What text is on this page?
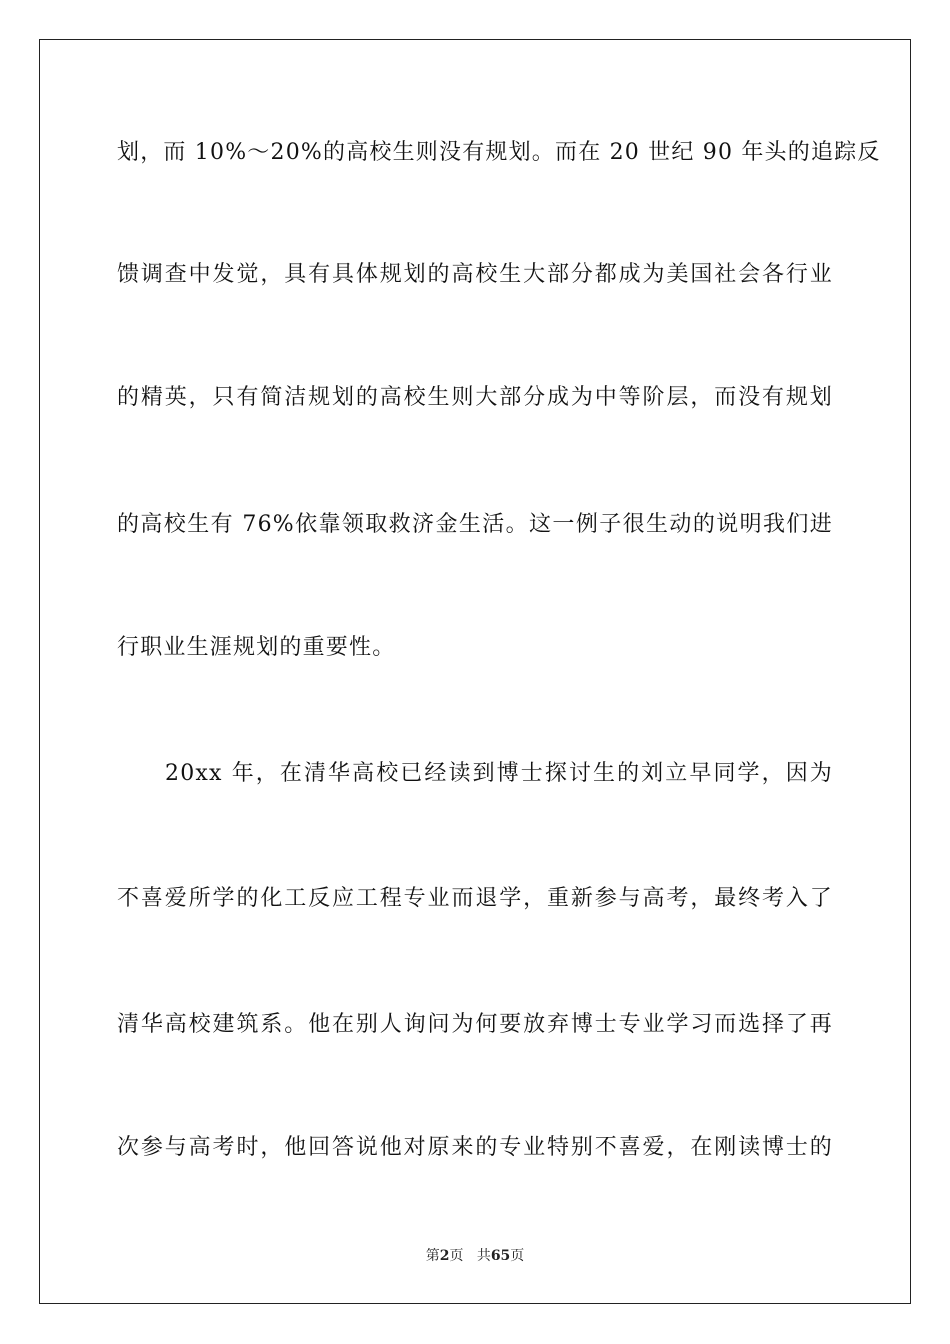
划，而 10%～20%的高校生则没有规划。而在 20 世纪 90 年头的追踪反
馈调查中发觉，具有具体规划的高校生大部分都成为美国社会各行业
的精英，只有简洁规划的高校生则大部分成为中等阶层，而没有规划
的高校生有 76%依靠领取救济金生活。这一例子很生动的说明我们进
行职业生涯规划的重要性。
20xx 年，在清华高校已经读到博士探讨生的刘立早同学，因为
不喜爱所学的化工反应工程专业而退学，重新参与高考，最终考入了
清华高校建筑系。他在别人询问为何要放弃博士专业学习而选择了再
次参与高考时，他回答说他对原来的专业特别不喜爱，在刚读博士的
第2页 共65页
